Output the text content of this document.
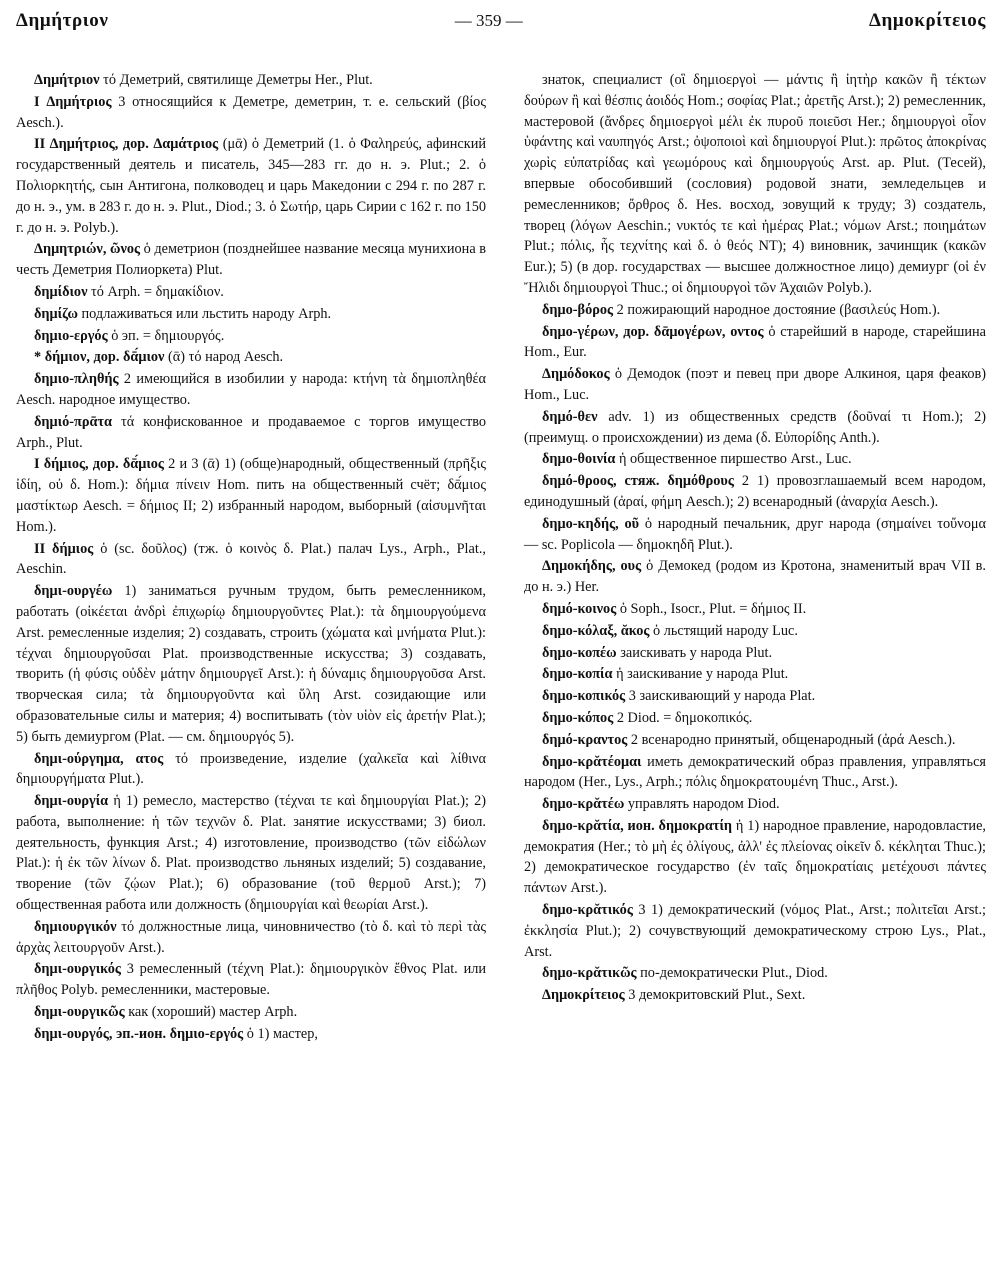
Δημήτριον	— 359 —	Δημοκρίτειος

Δημήτριον τό Деметрий, святилище Деметры Her., Plut.

I Δημήτριος 3 относящийся к Деметре, деметрин, т. е. сельский (βίος Aesch.).

II Δημήτριος, дор. Δαμάτριος (μᾱ) ὁ Деметрий (1. ὁ Φαληρεύς, афинский государственный деятель и писатель, 345—283 гг. до н. э. Plut.; 2. ὁ Πολιορκητής, сын Антигона, полководец и царь Македонии с 294 г. по 287 г. до н. э., ум. в 283 г. до н. э. Plut., Diod.; 3. ὁ Σωτήρ, царь Сирии с 162 г. по 150 г. до н. э. Polyb.).

Δημητριών, ῶνος ὁ деметрион (позднейшее название месяца мунихиона в честь Деметрия Полиоркета) Plut.

δημίδιον τό Arph. = δημακίδιον.

δημίζω подлаживаться или льстить народу Arph.

δημιο-εργός ὁ эп. = δημιουργός.

* δήμιον, дор. δᾱ́μιον (ᾱ) τό народ Aesch.

δημιο-πληθής 2 имеющийся в изобилии у народа: κτήνη τὰ δημιοπληθέα Aesch. народное имущество.

δημιό-πρᾱτα τά конфискованное и продаваемое с торгов имущество Arph., Plut.

I δήμιος, дор. δᾱ́μιος 2 и 3 (ᾱ) 1) (обще)народный, общественный (πρῆξις ἰδίη, οὐ δ. Hom.): δήμια πίνειν Hom. пить на общественный счёт; δᾱ́μιος μαστίκτωρ Aesch. = δήμιος II; 2) избранный народом, выборный (αἰσυμνῆται Hom.).

II δήμιος ὁ (sc. δοῦλος) (тж. ὁ κοινὸς δ. Plat.) палач Lys., Arph., Plat., Aeschin.

δημι-ουργέω 1) заниматься ручным трудом, быть ремесленником, работать (οἰκέεται ἀνδρὶ ἐπιχωρίῳ δημιουργοῦντες Plat.): τὰ δημιουργούμενα Arst. ремесленные изделия; 2) создавать, строить (χώματα καὶ μνήματα Plut.): τέχναι δημιουργοῦσαι Plat. производственные искусства; 3) создавать, творить (ἡ φύσις οὐδὲν μάτην δημιουργεῖ Arst.): ἡ δύναμις δημιουργοῦσα Arst. творческая сила; τὰ δημιουργοῦντα καὶ ὕλη Arst. созидающие или образовательные силы и материя; 4) воспитывать (τὸν υἱὸν εἰς ἀρετήν Plat.); 5) быть демиургом (Plat. — см. δημιουργός 5).

δημι-ούργημα, ατος τό произведение, изделие (χαλκεῖα καὶ λίθινα δημιουργήματα Plut.).

δημι-ουργία ἡ 1) ремесло, мастерство (τέχναι τε καὶ δημιουργίαι Plat.); 2) работа, выполнение: ἡ τῶν τεχνῶν δ. Plat. занятие искусствами; 3) биол. деятельность, функция Arst.; 4) изготовление, производство (τῶν εἰδώλων Plat.): ἡ ἐκ τῶν λίνων δ. Plat. производство льняных изделий; 5) создавание, творение (τῶν ζῴων Plat.); 6) образование (τοῦ θερμοῦ Arst.); 7) общественная работа или должность (δημιουργίαι καὶ θεωρίαι Arst.).

δημιουργικόν τό должностные лица, чиновничество (τὸ δ. καὶ τὸ περὶ τὰς ἀρχὰς λειτουργοῦν Arst.).

δημι-ουργικός 3 ремесленный (τέχνη Plat.): δημιουργικὸν ἔθνος Plat. или πλῆθος Polyb. ремесленники, мастеровые.

δημι-ουργικῶς как (хороший) мастер Arph.

δημι-ουργός, эп.-ион. δημιο-εργός ὁ 1) мастер,

знаток, специалист (οἳ δημιοεργοὶ — μάντις ἢ ἰητὴρ κακῶν ἢ τέκτων δούρων ἢ καὶ θέσπις ἀοιδός Hom.; σοφίας Plat.; ἀρετῆς Arst.); 2) ремесленник, мастеровой (ἄνδρες δημιοεργοὶ μέλι ἐκ πυροῦ ποιεῦσι Her.; δημιουργοὶ οἷον ὑφάντης καὶ ναυπηγός Arst.; ὀψοποιοὶ καὶ δημιουργοί Plut.): πρῶτος ἀποκρίνας χωρὶς εὐπατρίδας καὶ γεωμόρους καὶ δημιουργούς Arst. ap. Plut. (Тесей), впервые обособивший (сословия) родовой знати, земледельцев и ремесленников; ὄρθρος δ. Hes. восход, зовущий к труду; 3) создатель, творец (λόγων Aeschin.; νυκτός τε καὶ ἡμέρας Plat.; νόμων Arst.; ποιημάτων Plut.; πόλις, ἧς τεχνίτης καὶ δ. ὁ θεός NT); 4) виновник, зачинщик (κακῶν Eur.); 5) (в дор. государствах — высшее должностное лицо) демиург (οἱ ἐν Ἤλιδι δημιουργοὶ Thuc.; οἱ δημιουργοὶ τῶν Ἀχαιῶν Polyb.).

δημο-βόρος 2 пожирающий народное достояние (βασιλεύς Hom.).

δημο-γέρων, дор. δᾱμογέρων, οντος ὁ старейший в народе, старейшина Hom., Eur.

Δημόδοκος ὁ Демодок (поэт и певец при дворе Алкиноя, царя феаков) Hom., Luc.

δημό-θεν adv. 1) из общественных средств (δοῦναί τι Hom.); 2) (преимущ. о происхождении) из дема (δ. Εὐπορίδης Anth.).

δημο-θοινία ἡ общественное пиршество Arst., Luc.

δημό-θροος, стяж. δημόθρους 2 1) провозглашаемый всем народом, единодушный (ἀραί, φήμη Aesch.); 2) всенародный (ἀναρχία Aesch.).

δημο-κηδής, οῦ ὁ народный печальник, друг народа (σημαίνει τοὔνομα — sc. Poplicola — δημοκηδῆ Plut.).

Δημοκήδης, ους ὁ Демокед (родом из Кротона, знаменитый врач VII в. до н. э.) Her.

δημό-κοινος ὁ Soph., Isocr., Plut. = δήμιος II.

δημο-κόλαξ, ᾰκος ὁ льстящий народу Luc.

δημο-κοπέω заискивать у народа Plut.

δημο-κοπία ἡ заискивание у народа Plut.

δημο-κοπικός 3 заискивающий у народа Plat.

δημο-κόπος 2 Diod. = δημοκοπικός.

δημό-κραντος 2 всенародно принятый, общенародный (ἀρά Aesch.).

δημο-κρᾰτέομαι иметь демократический образ правления, управляться народом (Her., Lys., Arph.; πόλις δημοκρατουμένη Thuc., Arst.).

δημο-κρᾰτέω управлять народом Diod.

δημο-κρᾰτία, ион. δημοκρατίη ἡ 1) народное правление, народовластие, демократия (Her.; τὸ μὴ ἐς ὀλίγους, ἀλλ' ἐς πλείονας οἰκεῖν δ. κέκληται Thuc.); 2) демократическое государство (ἐν ταῖς δημοκρατίαις μετέχουσι πάντες πάντων Arst.).

δημο-κρᾰτικός 3 1) демократический (νόμος Plat., Arst.; πολιτεῖαι Arst.; ἐκκλησία Plut.); 2) сочувствующий демократическому строю Lys., Plat., Arst.

δημο-κρᾰτικῶς по-демократически Plut., Diod.

Δημοκρίτειος 3 демокритовский Plut., Sext.
